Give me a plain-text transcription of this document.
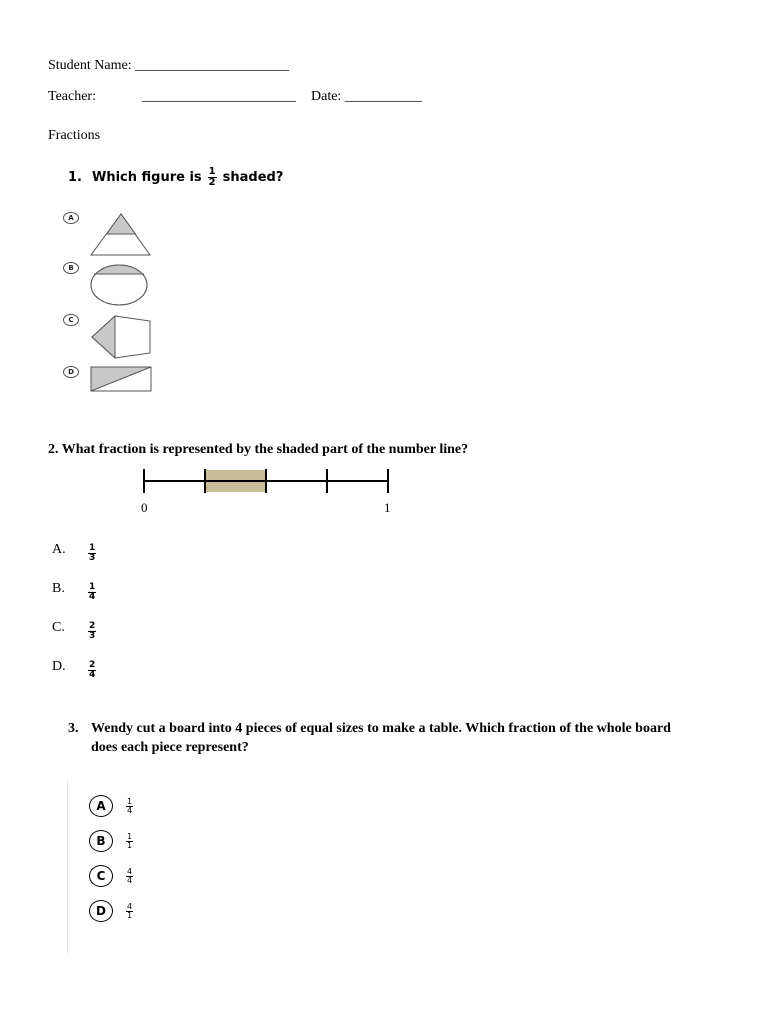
Student Name: ______________________
Teacher:	______________________ Date: ___________
Fractions
1. Which figure is $\frac{1}{2}$ shaded?
A
B
C
D
2. What fraction is represented by the shaded part of the number line?
0	1
A. $\frac{1}{3}$
B.	$\frac{1}{4}$
C.	$\frac{2}{3}$
D. $\frac{2}{4}$
3. Wendy cut a board into 4 pieces of equal sizes to make a table. Which fraction of the whole board
does each piece represent?
A	$\frac{1}{4}$
B	$\frac{1}{1}$
C	$\frac{4}{4}$
D	$\frac{4}{1}$
